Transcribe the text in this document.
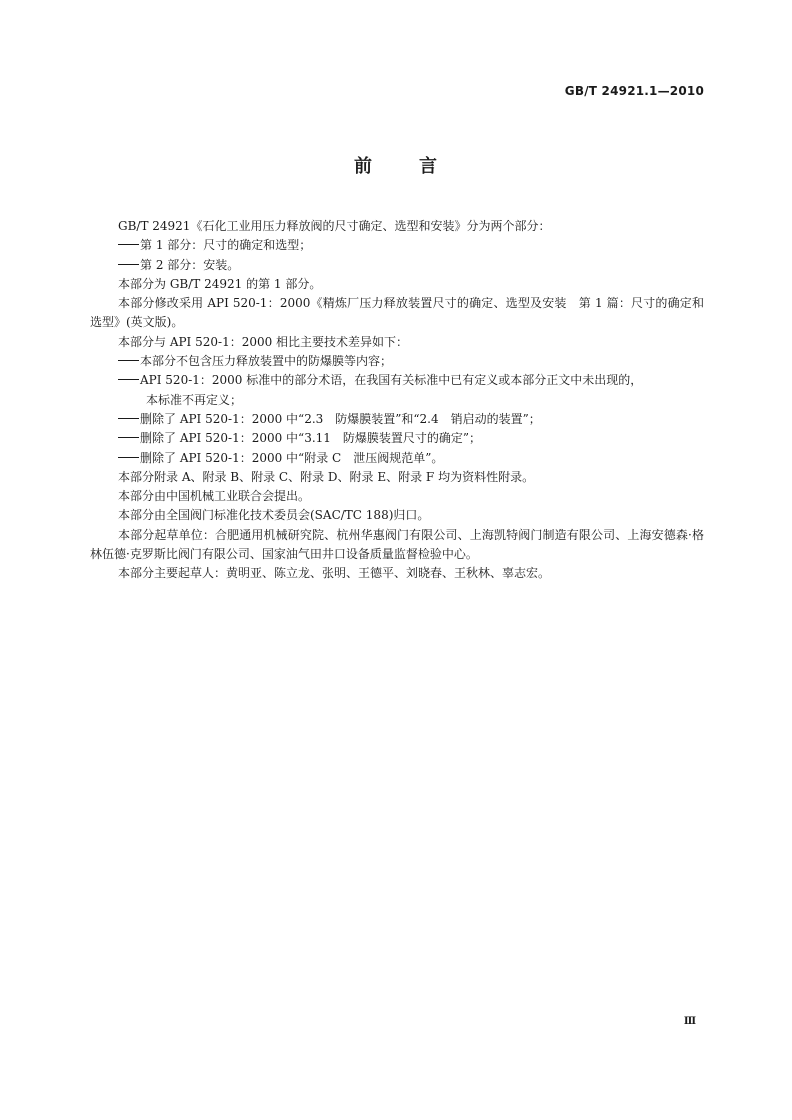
GB/T 24921.1—2010
前	言

GB/T 24921《石化工业用压力释放阀的尺寸确定、选型和安装》分为两个部分：

第 1 部分：尺寸的确定和选型；

第 2 部分：安装。

本部分为 GB/T 24921 的第 1 部分。

本部分修改采用 API 520-1：2000《精炼厂压力释放装置尺寸的确定、选型及安装　第 1 篇：尺寸的确定和选型》(英文版)。

本部分与 API 520-1：2000 相比主要技术差异如下：

本部分不包含压力释放装置中的防爆膜等内容；

API 520-1：2000 标准中的部分术语，在我国有关标准中已有定义或本部分正文中未出现的，

本标准不再定义；

删除了 API 520-1：2000 中“2.3　防爆膜装置”和“2.4　销启动的装置”；

删除了 API 520-1：2000 中“3.11　防爆膜装置尺寸的确定”；

删除了 API 520-1：2000 中“附录 C　泄压阀规范单”。

本部分附录 A、附录 B、附录 C、附录 D、附录 E、附录 F 均为资料性附录。

本部分由中国机械工业联合会提出。

本部分由全国阀门标准化技术委员会(SAC/TC 188)归口。

本部分起草单位：合肥通用机械研究院、杭州华惠阀门有限公司、上海凯特阀门制造有限公司、上海安德森·格林伍德·克罗斯比阀门有限公司、国家油气田井口设备质量监督检验中心。

本部分主要起草人：黄明亚、陈立龙、张明、王德平、刘晓春、王秋林、辜志宏。

Ⅲ
